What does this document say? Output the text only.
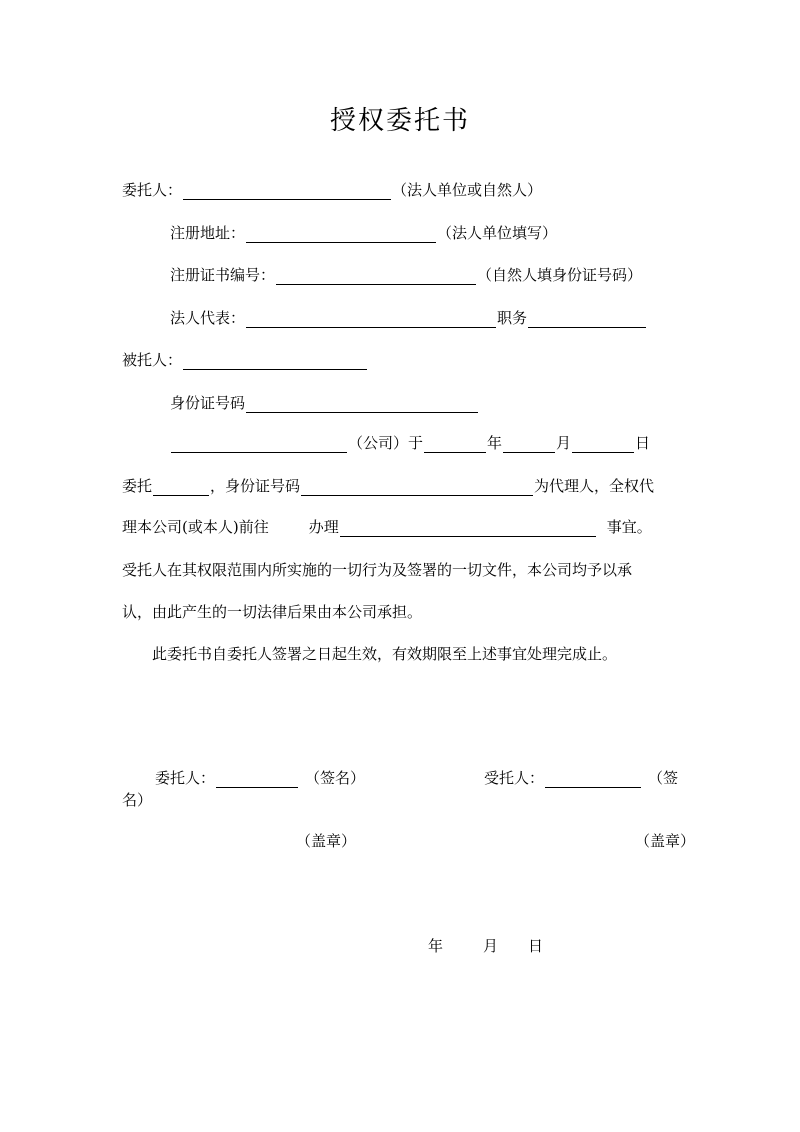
授权委托书
委托人：	（法人单位或自然人）
注册地址：	（法人单位填写）
注册证书编号：	（自然人填身份证号码）
法人代表：	职务
被托人：
身份证号码
（公司）于	年	月	日
委托	，身份证号码	为代理人，全权代
理本公司(或本人)前往	办理	事宜。
受托人在其权限范围内所实施的一切行为及签署的一切文件，本公司均予以承
认，由此产生的一切法律后果由本公司承担。
此委托书自委托人签署之日起生效，有效期限至上述事宜处理完成止。
委托人：	（签名）	受托人：	（签
名）
（盖章）	（盖章）
年	月 日
